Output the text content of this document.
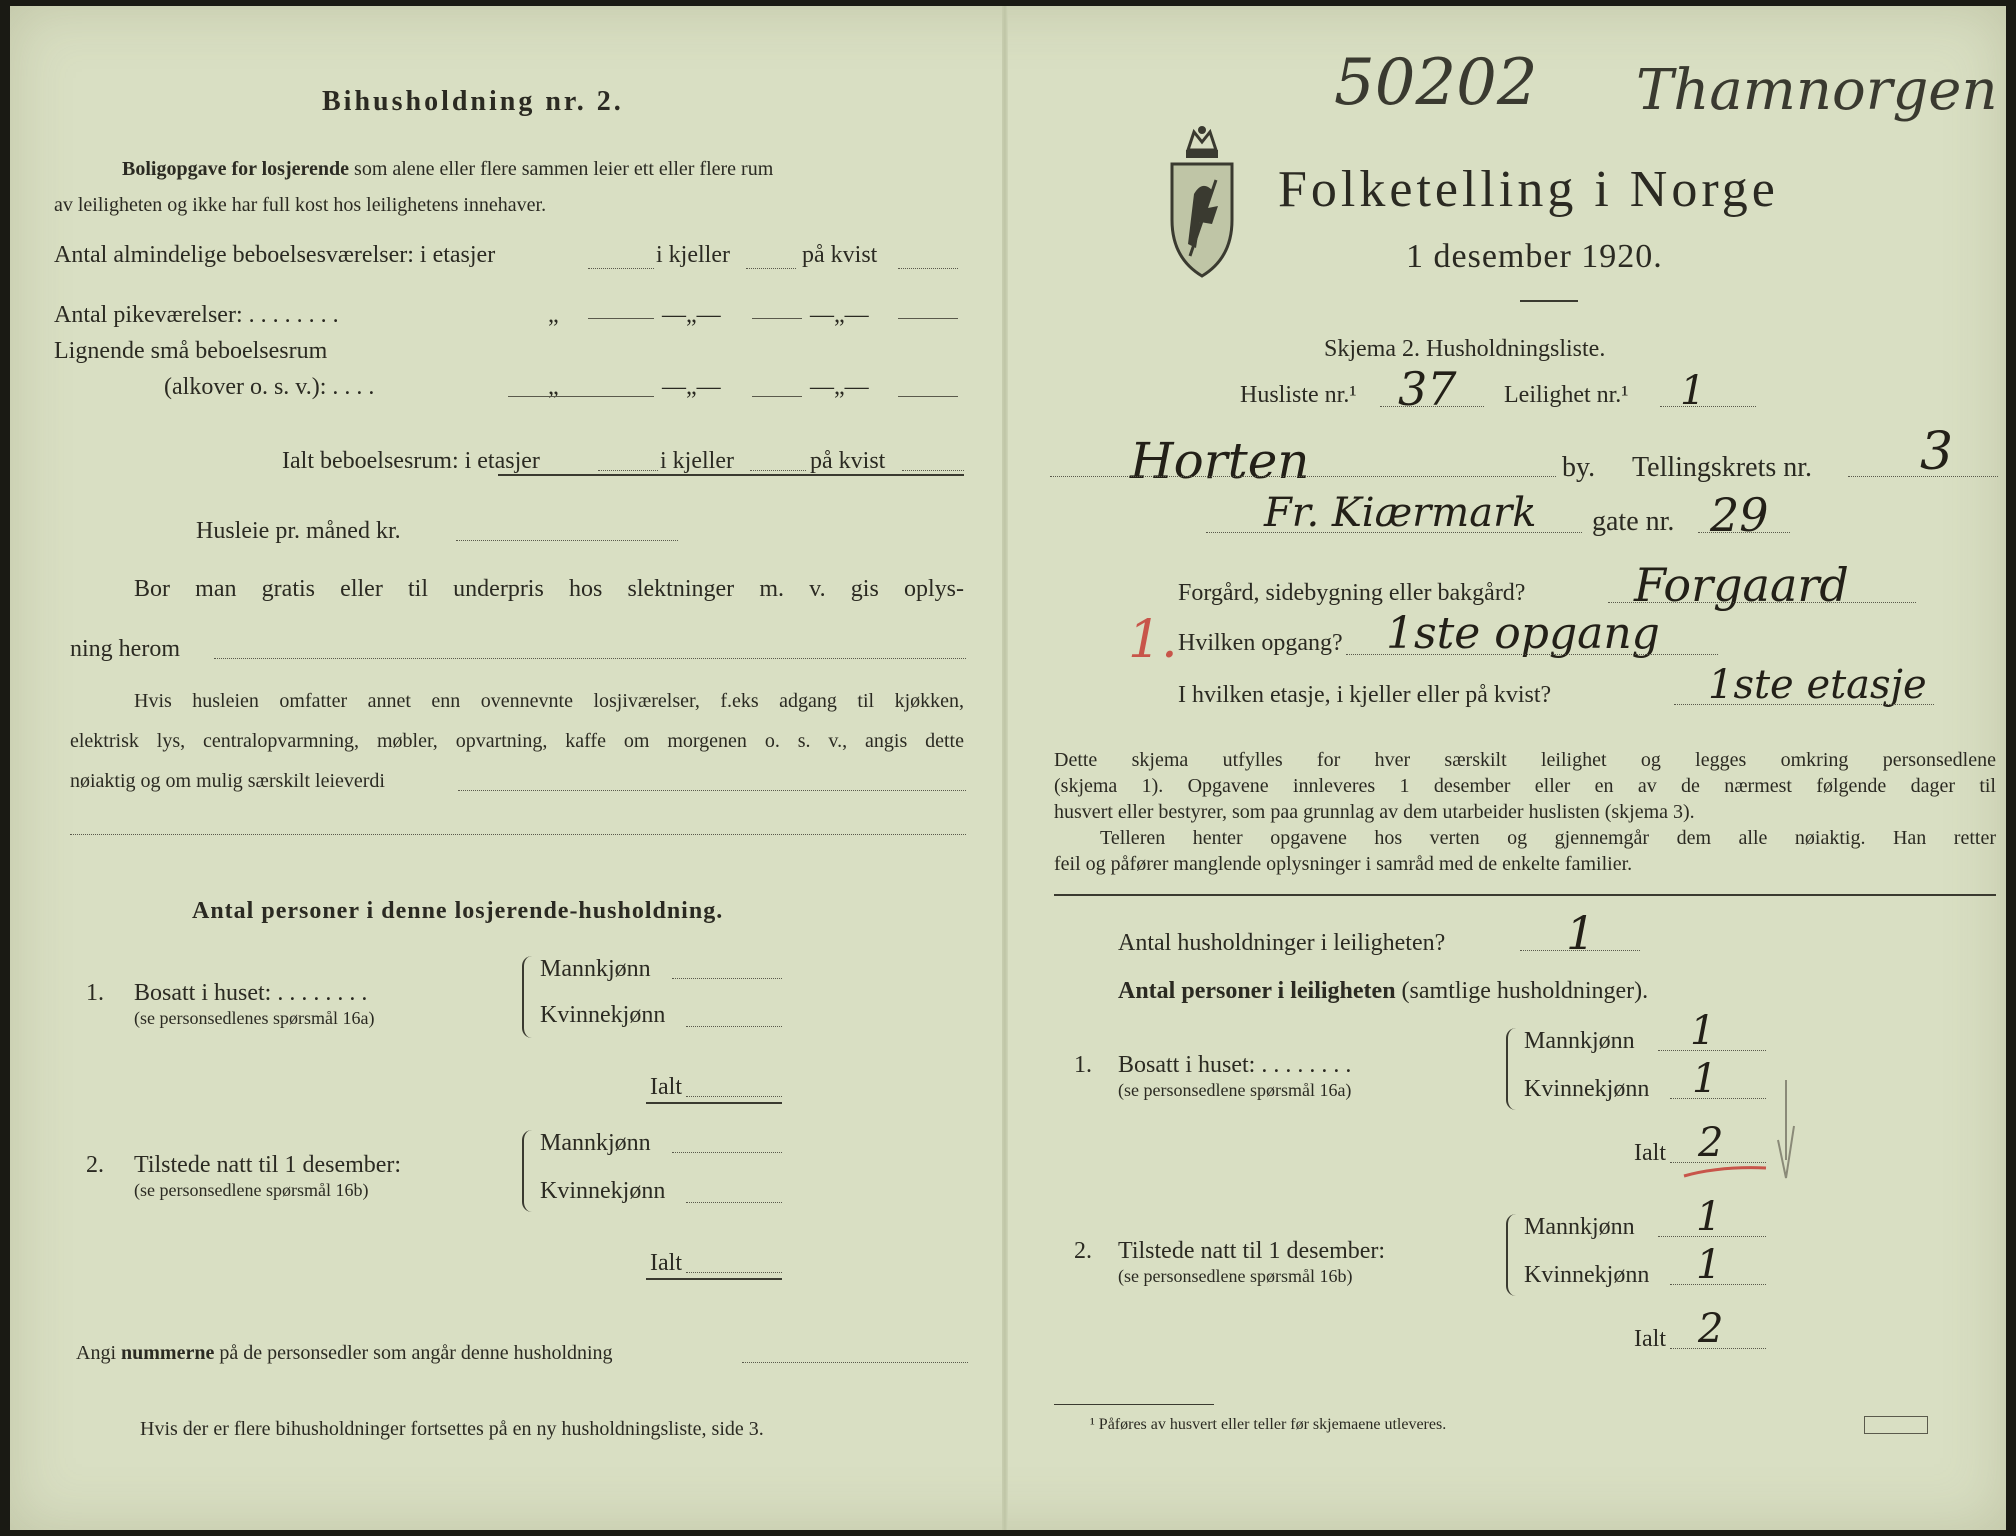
Bihusholdning nr. 2.
Boligopgave for losjerende som alene eller flere sammen leier ett eller flere rum
av leiligheten og ikke har full kost hos leilighetens innehaver.
Antal almindelige beboelsesværelser: i etasjer	i kjeller	på kvist
Antal pikeværelser: . . . . . . . .	„	—„—	—„—
Lignende små beboelsesrum
(alkover o. s. v.): . . . .	„	—„—	—„—
Ialt beboelsesrum: i etasjer	i kjeller	på kvist
Husleie pr. måned kr.
Bor man gratis eller til underpris hos slektninger m. v. gis oplys-
ning herom
Hvis husleien omfatter annet enn ovennevnte losjiværelser, f.eks adgang til kjøkken,
elektrisk lys, centralopvarmning, møbler, opvartning, kaffe om morgenen o. s. v., angis dette
nøiaktig og om mulig særskilt leieverdi
Antal personer i denne losjerende-husholdning.
1. Bosatt i huset: . . . . . . . .
(se personsedlenes spørsmål 16a)
Mannkjønn
Kvinnekjønn
Ialt
2. Tilstede natt til 1 desember:
(se personsedlene spørsmål 16b)
Mannkjønn
Kvinnekjønn
Ialt
Angi nummerne på de personsedler som angår denne husholdning
Hvis der er flere bihusholdninger fortsettes på en ny husholdningsliste, side 3.
50202 Thamnorgen
Folketelling i Norge
1 desember 1920.
Skjema 2. Husholdningsliste.
Husliste nr.¹ 37 Leilighet nr.¹ 1
Horten	by. Tellingskrets nr. 3
Fr. Kiærmark gate nr. 29
Forgård, sidebygning eller bakgård? Forgaard
1. Hvilken opgang? 1ste opgang
I hvilken etasje, i kjeller eller på kvist?	1ste etasje
Dette skjema utfylles for hver særskilt leilighet og legges omkring personsedlene
(skjema 1). Opgavene innleveres 1 desember eller en av de nærmest følgende dager til
husvert eller bestyrer, som paa grunnlag av dem utarbeider huslisten (skjema 3).
Telleren henter opgavene hos verten og gjennemgår dem alle nøiaktig. Han retter
feil og påfører manglende oplysninger i samråd med de enkelte familier.
Antal husholdninger i leiligheten?	1
Antal personer i leiligheten (samtlige husholdninger).
1. Bosatt i huset: . . . . . . . .
(se personsedlene spørsmål 16a)
Mannkjønn 1
Kvinnekjønn 1
Ialt 2
2. Tilstede natt til 1 desember:
(se personsedlene spørsmål 16b)
Mannkjønn 1
Kvinnekjønn 1
Ialt 2
¹ Påføres av husvert eller teller før skjemaene utleveres.
